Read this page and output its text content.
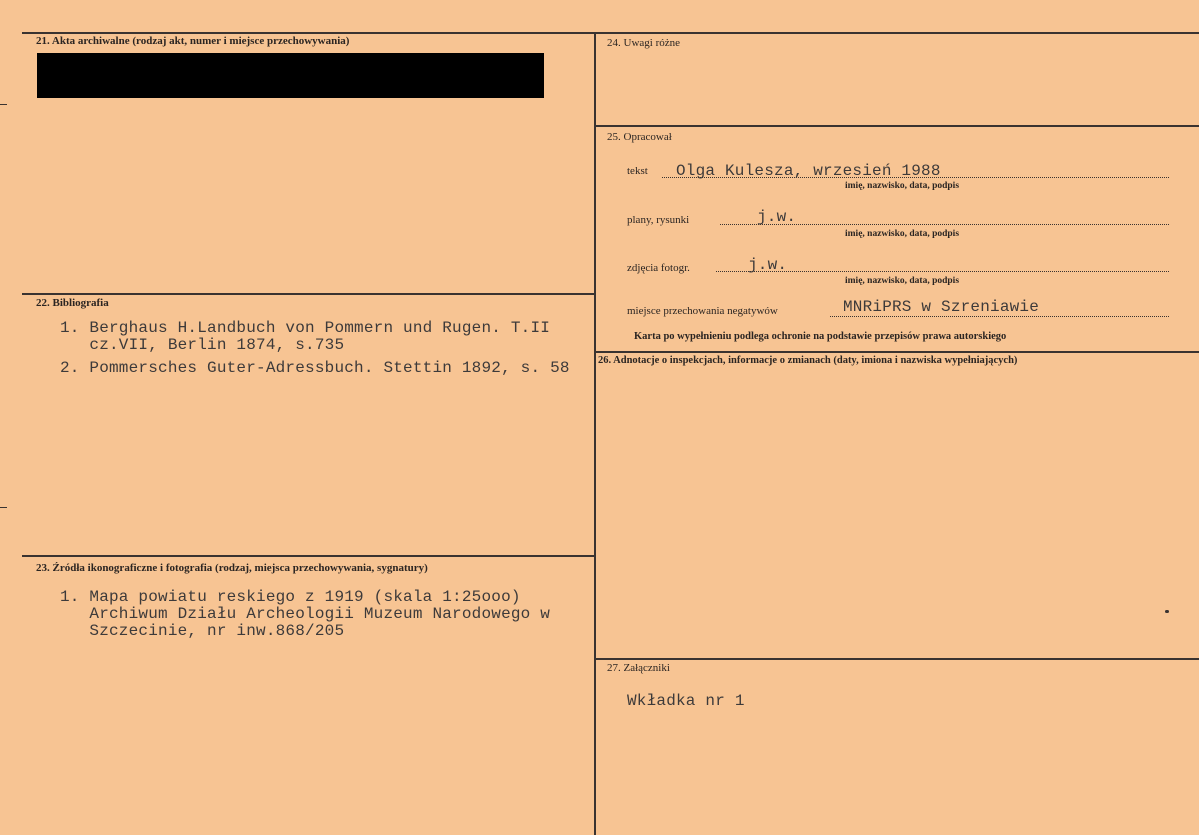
21. Akta archiwalne (rodzaj akt, numer i miejsce przechowywania)
22. Bibliografia
1. Berghaus H.Landbuch von Pommern und Rugen. T.II
cz.VII, Berlin 1874, s.735
2. Pommersches Guter-Adressbuch. Stettin 1892, s. 58
23. Źródła ikonograficzne i fotografia (rodzaj, miejsca przechowywania, sygnatury)
1. Mapa powiatu reskiego z 1919 (skala 1:25ooo)
Archiwum Działu Archeologii Muzeum Narodowego w
Szczecinie, nr inw.868/205
24. Uwagi różne
25. Opracował
tekst Olga Kulesza, wrzesień 1988
imię, nazwisko, data, podpis
plany, rysunki	j.w.
imię, nazwisko, data, podpis
zdjęcia fotogr.	j.w.
imię, nazwisko, data, podpis
miejsce przechowania negatywów	MNRiPRS w Szreniawie
Karta po wypełnieniu podlega ochronie na podstawie przepisów prawa autorskiego
26. Adnotacje o inspekcjach, informacje o zmianach (daty, imiona i nazwiska wypełniających)
27. Załączniki
Wkładka nr 1
